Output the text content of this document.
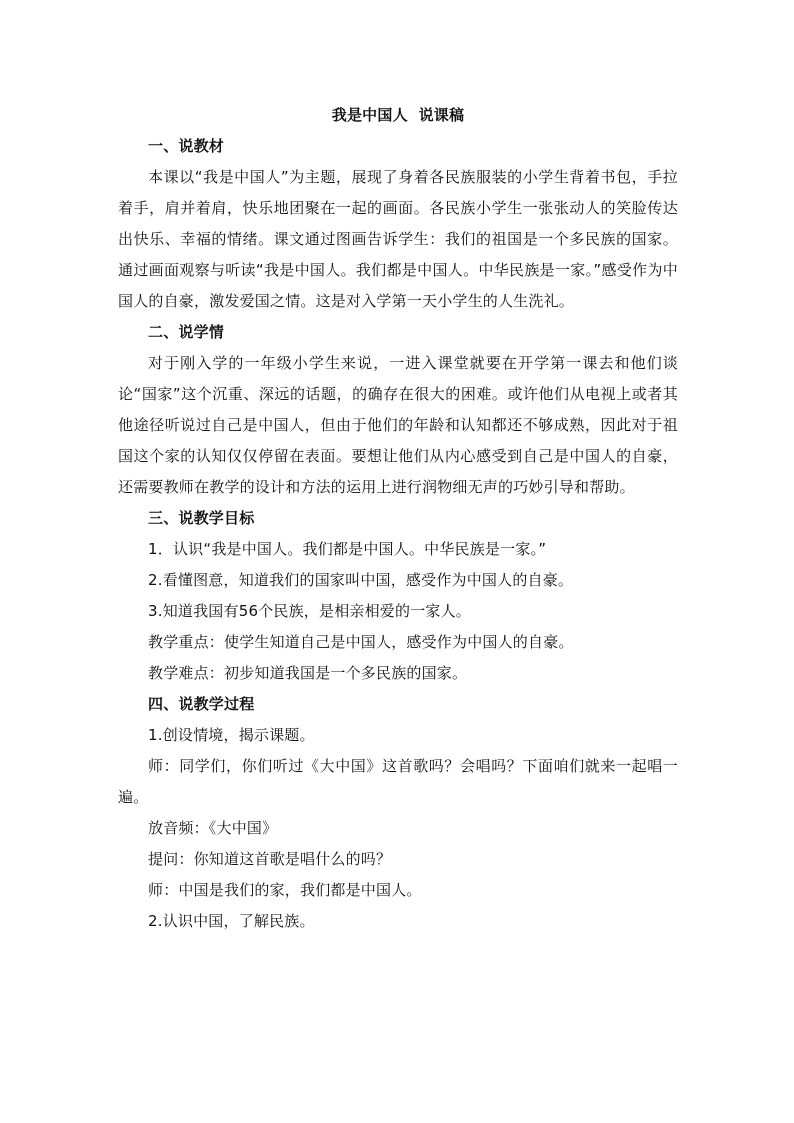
我是中国人  说课稿

一、说教材

本课以“我是中国人”为主题，展现了身着各民族服装的小学生背着书包，手拉着手，肩并着肩，快乐地团聚在一起的画面。各民族小学生一张张动人的笑脸传达出快乐、幸福的情绪。课文通过图画告诉学生：我们的祖国是一个多民族的国家。通过画面观察与听读“我是中国人。我们都是中国人。中华民族是一家。”感受作为中国人的自豪，激发爱国之情。这是对入学第一天小学生的人生洗礼。

二、说学情

对于刚入学的一年级小学生来说，一进入课堂就要在开学第一课去和他们谈论“国家”这个沉重、深远的话题，的确存在很大的困难。或许他们从电视上或者其他途径听说过自己是中国人，但由于他们的年龄和认知都还不够成熟，因此对于祖国这个家的认知仅仅停留在表面。要想让他们从内心感受到自己是中国人的自豪，还需要教师在教学的设计和方法的运用上进行润物细无声的巧妙引导和帮助。

三、说教学目标

1．认识“我是中国人。我们都是中国人。中华民族是一家。”

2.看懂图意，知道我们的国家叫中国，感受作为中国人的自豪。

3.知道我国有56个民族，是相亲相爱的一家人。

教学重点：使学生知道自己是中国人，感受作为中国人的自豪。

教学难点：初步知道我国是一个多民族的国家。

四、说教学过程

1.创设情境，揭示课题。

师：同学们，你们听过《大中国》这首歌吗？会唱吗？下面咱们就来一起唱一遍。

放音频：《大中国》

提问：你知道这首歌是唱什么的吗？

师：中国是我们的家，我们都是中国人。

2.认识中国，了解民族。
